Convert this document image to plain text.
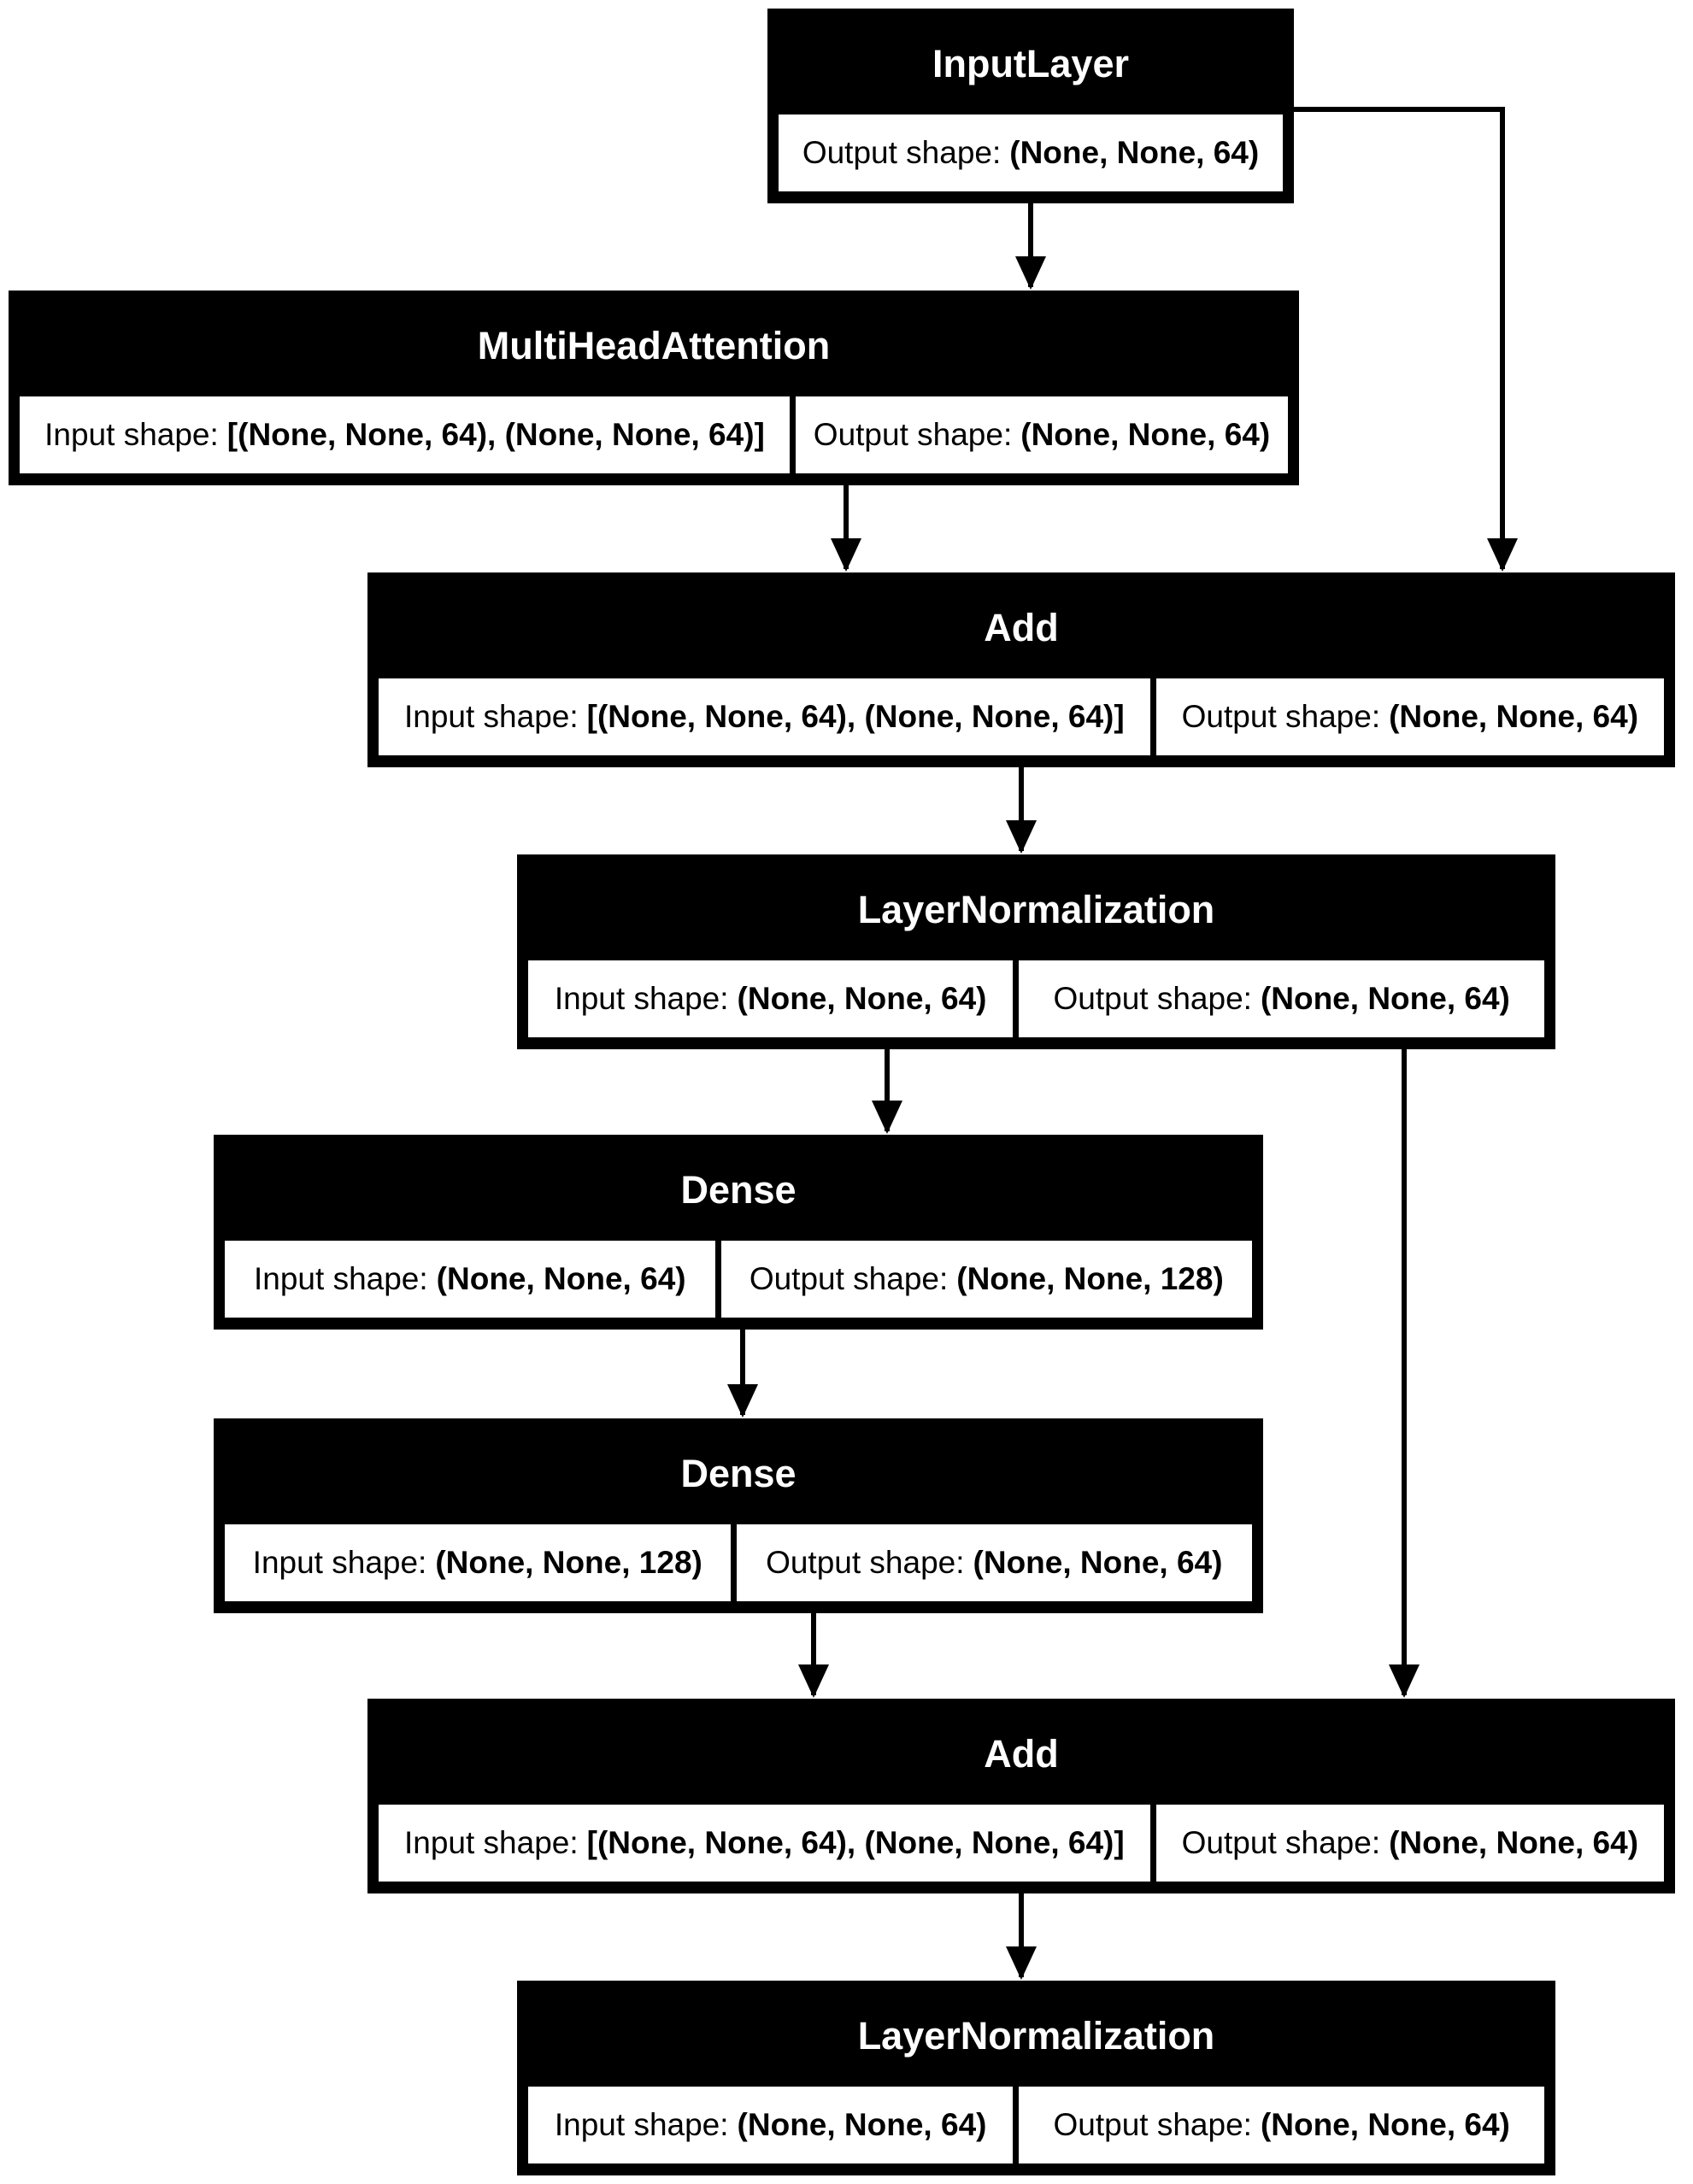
InputLayer
Output shape: (None, None, 64)
MultiHeadAttention
Input shape: [(None, None, 64), (None, None, 64)] Output shape: (None, None, 64)
Add
Input shape: [(None, None, 64), (None, None, 64)] Output shape: (None, None, 64)
LayerNormalization
Input shape: (None, None, 64) Output shape: (None, None, 64)
Dense
Input shape: (None, None, 64) Output shape: (None, None, 128)
Dense
Input shape: (None, None, 128) Output shape: (None, None, 64)
Add
Input shape: [(None, None, 64), (None, None, 64)] Output shape: (None, None, 64)
LayerNormalization
Input shape: (None, None, 64) Output shape: (None, None, 64)
